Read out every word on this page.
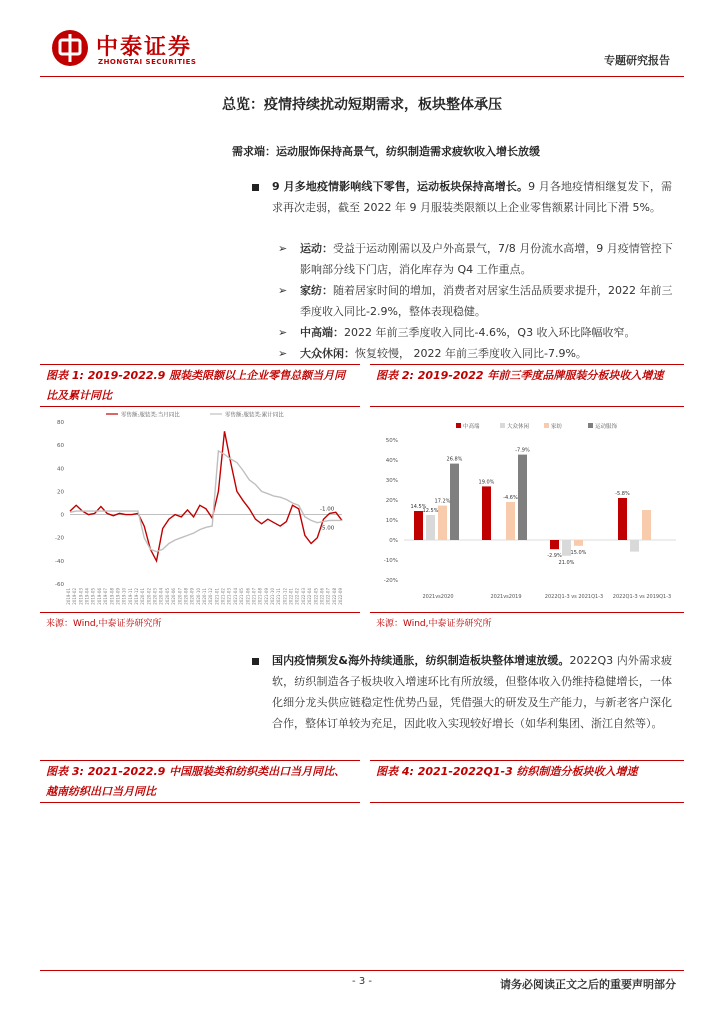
中泰证券
ZHONGTAI SECURITIES	专题研究报告
总览：疫情持续扰动短期需求，板块整体承压
需求端：运动服饰保持高景气，纺织制造需求疲软收入增长放缓
9 月多地疫情影响线下零售，运动板块保持高增长。9 月各地疫情相继复发下，需求再次走弱，截至 2022 年 9 月服装类限额以上企业零售额累计同比下滑 5%。
➢	运动：受益于运动刚需以及户外高景气，7/8 月份流水高增，9 月疫情管控下影响部分线下门店，消化库存为 Q4 工作重点。
➢	家纺：随着居家时间的增加，消费者对居家生活品质要求提升，2022 年前三季度收入同比-2.9%，整体表现稳健。
➢	中高端：2022 年前三季度收入同比-4.6%，Q3 收入环比降幅收窄。
➢	大众休闲：恢复较慢， 2022 年前三季度收入同比-7.9%。
图表 1: 2019-2022.9 服装类限额以上企业零售总额当月同比及累计同比
零售额:服装类:当月同比	零售额:服装类:累计同比
80
60
40
20
0
-20
-40
-60
2019-01 2019-02 2019-03 2019-04 2019-05 2019-06 2019-07 2019-08 2019-09 2019-10 2019-11 2019-12 2020-01 2020-02 2020-03 2020-04 2020-05 2020-06 2020-07 2020-08 2020-09 2020-10 2020-11 2020-12 2021-01 2021-02 2021-03 2021-04 2021-05 2021-06 2021-07 2021-08 2021-09 2021-10 2021-11 2021-12 2022-01 2022-02 2022-03 2022-04 2022-05 2022-06 2022-07 2022-08 2022-09
-1.00
-5.00
来源：Wind,中泰证券研究所
图表 2: 2019-2022 年前三季度品牌服装分板块收入增速
中高端	大众休闲	家纺	运动服饰
50%
40%
30%
20%
10%
0%
-10%
-20%
2021vs2020	2021vs2019	2022Q1-3 vs 2021Q1-3 2022Q1-3 vs 2019Q1-3
14.5%
12.5%
17.2%
26.8%
19.0%
-4.6%
-7.9%
-2.9%
21.0%
15.0%
-5.8%
来源：Wind,中泰证券研究所
国内疫情频发&海外持续通胀，纺织制造板块整体增速放缓。2022Q3 内外需求疲软，纺织制造各子板块收入增速环比有所放缓，但整体收入仍维持稳健增长，一体化细分龙头供应链稳定性优势凸显，凭借强大的研发及生产能力，与新老客户深化合作，整体订单较为充足，因此收入实现较好增长（如华利集团、浙江自然等）。
图表 3: 2021-2022.9 中国服装类和纺织类出口当月同比、越南纺织出口当月同比
图表 4: 2021-2022Q1-3 纺织制造分板块收入增速
- 3 -	请务必阅读正文之后的重要声明部分
